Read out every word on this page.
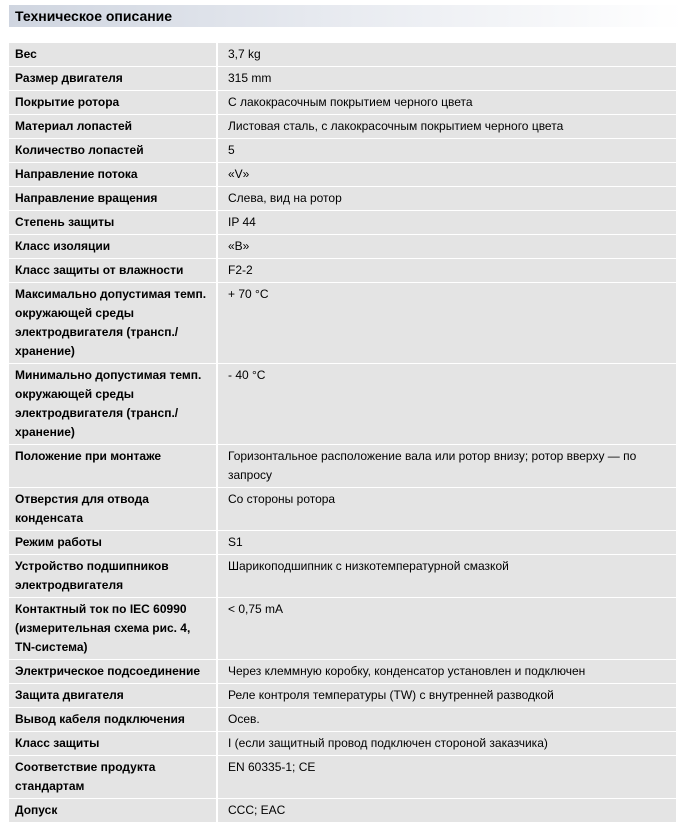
Техническое описание
Вес	3,7 kg
Размер двигателя	315 mm
Покрытие ротора	С лакокрасочным покрытием черного цвета
Материал лопастей	Листовая сталь, с лакокрасочным покрытием черного цвета
Количество лопастей	5
Направление потока	«V»
Направление вращения	Слева, вид на ротор
Степень защиты	IP 44
Класс изоляции	«B»
Класс защиты от влажности	F2-2
Максимально допустимая темп. окружающей среды электродвигателя (трансп./хранение)	+ 70 °C
Минимально допустимая темп. окружающей среды электродвигателя (трансп./хранение)	- 40 °C
Положение при монтаже	Горизонтальное расположение вала или ротор внизу; ротор вверху — по запросу
Отверстия для отвода конденсата	Со стороны ротора
Режим работы	S1
Устройство подшипников электродвигателя	Шарикоподшипник с низкотемпературной смазкой
Контактный ток по IEC 60990 (измерительная схема рис. 4, TN-система)	< 0,75 mA
Электрическое подсоединение	Через клеммную коробку, конденсатор установлен и подключен
Защита двигателя	Реле контроля температуры (TW) с внутренней разводкой
Вывод кабеля подключения	Осев.
Класс защиты	I (если защитный провод подключен стороной заказчика)
Соответствие продукта стандартам	EN 60335-1; CE
Допуск	CCC; EAC
